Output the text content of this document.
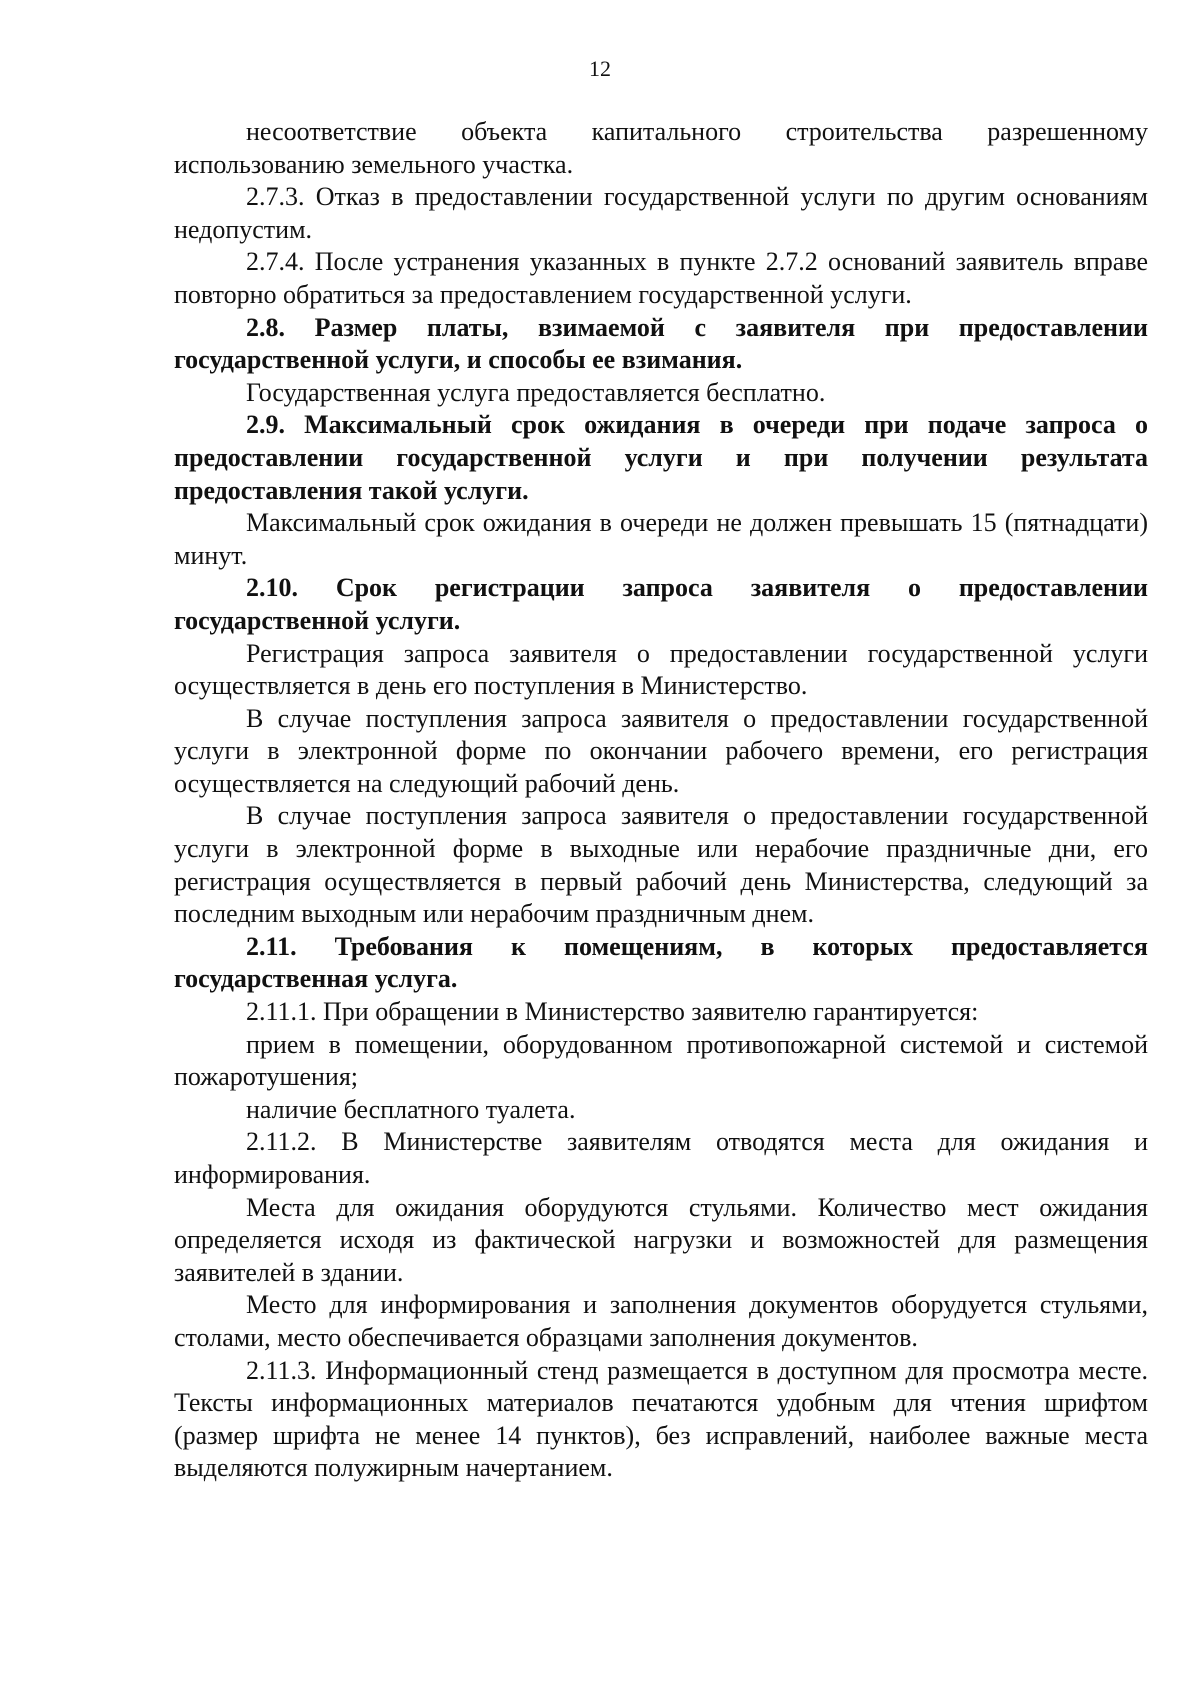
12

несоответствие объекта капитального строительства разрешенному использованию земельного участка.

2.7.3. Отказ в предоставлении государственной услуги по другим основаниям недопустим.

2.7.4. После устранения указанных в пункте 2.7.2 оснований заявитель вправе повторно обратиться за предоставлением государственной услуги.

2.8. Размер платы, взимаемой с заявителя при предоставлении государственной услуги, и способы ее взимания.

Государственная услуга предоставляется бесплатно.

2.9. Максимальный срок ожидания в очереди при подаче запроса о предоставлении государственной услуги и при получении результата предоставления такой услуги.

Максимальный срок ожидания в очереди не должен превышать 15 (пятнадцати) минут.

2.10. Срок регистрации запроса заявителя о предоставлении государственной услуги.

Регистрация запроса заявителя о предоставлении государственной услуги осуществляется в день его поступления в Министерство.

В случае поступления запроса заявителя о предоставлении государственной услуги в электронной форме по окончании рабочего времени, его регистрация осуществляется на следующий рабочий день.

В случае поступления запроса заявителя о предоставлении государственной услуги в электронной форме в выходные или нерабочие праздничные дни, его регистрация осуществляется в первый рабочий день Министерства, следующий за последним выходным или нерабочим праздничным днем.

2.11. Требования к помещениям, в которых предоставляется государственная услуга.

2.11.1. При обращении в Министерство заявителю гарантируется:

прием в помещении, оборудованном противопожарной системой и системой пожаротушения;

наличие бесплатного туалета.

2.11.2. В Министерстве заявителям отводятся места для ожидания и информирования.

Места для ожидания оборудуются стульями. Количество мест ожидания определяется исходя из фактической нагрузки и возможностей для размещения заявителей в здании.

Место для информирования и заполнения документов оборудуется стульями, столами, место обеспечивается образцами заполнения документов.

2.11.3. Информационный стенд размещается в доступном для просмотра месте. Тексты информационных материалов печатаются удобным для чтения шрифтом (размер шрифта не менее 14 пунктов), без исправлений, наиболее важные места выделяются полужирным начертанием.
